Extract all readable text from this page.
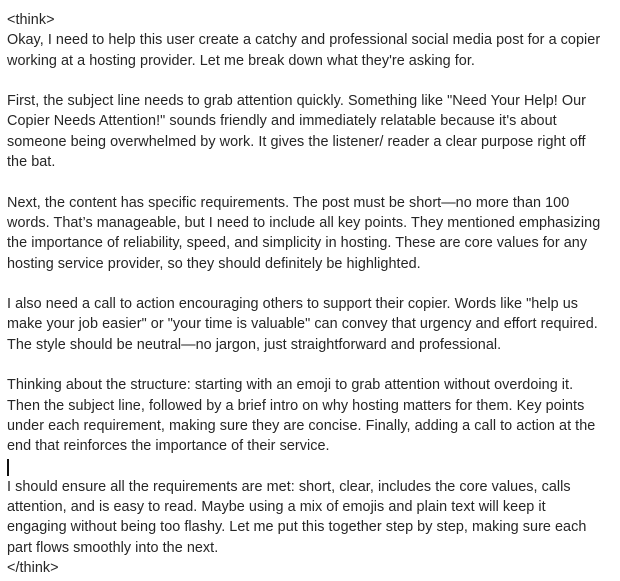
<think>
Okay, I need to help this user create a catchy and professional social media post for a copier
working at a hosting provider. Let me break down what they're asking for.
First, the subject line needs to grab attention quickly. Something like "Need Your Help! Our
Copier Needs Attention!" sounds friendly and immediately relatable because it's about
someone being overwhelmed by work. It gives the listener/ reader a clear purpose right off
the bat.
Next, the content has specific requirements. The post must be short—no more than 100
words. That’s manageable, but I need to include all key points. They mentioned emphasizing
the importance of reliability, speed, and simplicity in hosting. These are core values for any
hosting service provider, so they should definitely be highlighted.
I also need a call to action encouraging others to support their copier. Words like "help us
make your job easier" or "your time is valuable" can convey that urgency and effort required.
The style should be neutral—no jargon, just straightforward and professional.
Thinking about the structure: starting with an emoji to grab attention without overdoing it.
Then the subject line, followed by a brief intro on why hosting matters for them. Key points
under each requirement, making sure they are concise. Finally, adding a call to action at the
end that reinforces the importance of their service.
I should ensure all the requirements are met: short, clear, includes the core values, calls
attention, and is easy to read. Maybe using a mix of emojis and plain text will keep it
engaging without being too flashy. Let me put this together step by step, making sure each
part flows smoothly into the next.
</think>
